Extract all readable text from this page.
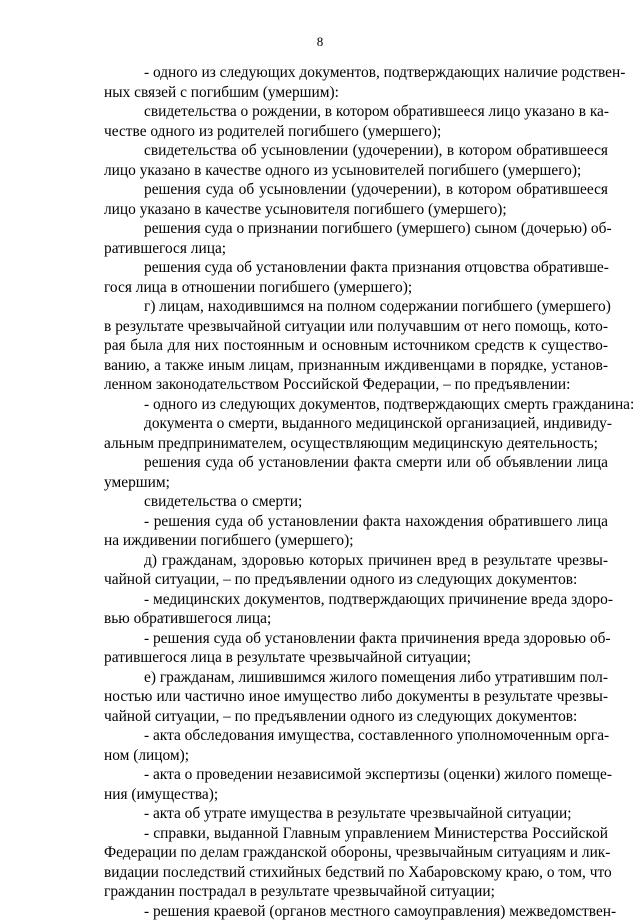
8
- одного из следующих документов, подтверждающих наличие родствен-
ных связей с погибшим (умершим):
свидетельства о рождении, в котором обратившееся лицо указано в ка-
честве одного из родителей погибшего (умершего);
свидетельства об усыновлении (удочерении), в котором обратившееся
лицо указано в качестве одного из усыновителей погибшего (умершего);
решения суда об усыновлении (удочерении), в котором обратившееся
лицо указано в качестве усыновителя погибшего (умершего);
решения суда о признании погибшего (умершего) сыном (дочерью) об-
ратившегося лица;
решения суда об установлении факта признания отцовства обративше-
гося лица в отношении погибшего (умершего);
г) лицам, находившимся на полном содержании погибшего (умершего)
в результате чрезвычайной ситуации или получавшим от него помощь, кото-
рая была для них постоянным и основным источником средств к существо-
ванию, а также иным лицам, признанным иждивенцами в порядке, установ-
ленном законодательством Российской Федерации, – по предъявлении:
- одного из следующих документов, подтверждающих смерть гражданина:
документа о смерти, выданного медицинской организацией, индивиду-
альным предпринимателем, осуществляющим медицинскую деятельность;
решения суда об установлении факта смерти или об объявлении лица
умершим;
свидетельства о смерти;
- решения суда об установлении факта нахождения обратившего лица
на иждивении погибшего (умершего);
д) гражданам, здоровью которых причинен вред в результате чрезвы-
чайной ситуации, – по предъявлении одного из следующих документов:
- медицинских документов, подтверждающих причинение вреда здоро-
вью обратившегося лица;
- решения суда об установлении факта причинения вреда здоровью об-
ратившегося лица в результате чрезвычайной ситуации;
е) гражданам, лишившимся жилого помещения либо утратившим пол-
ностью или частично иное имущество либо документы в результате чрезвы-
чайной ситуации, – по предъявлении одного из следующих документов:
- акта обследования имущества, составленного уполномоченным орга-
ном (лицом);
- акта о проведении независимой экспертизы (оценки) жилого помеще-
ния (имущества);
- акта об утрате имущества в результате чрезвычайной ситуации;
- справки, выданной Главным управлением Министерства Российской
Федерации по делам гражданской обороны, чрезвычайным ситуациям и лик-
видации последствий стихийных бедствий по Хабаровскому краю, о том, что
гражданин пострадал в результате чрезвычайной ситуации;
- решения краевой (органов местного самоуправления) межведомствен-
